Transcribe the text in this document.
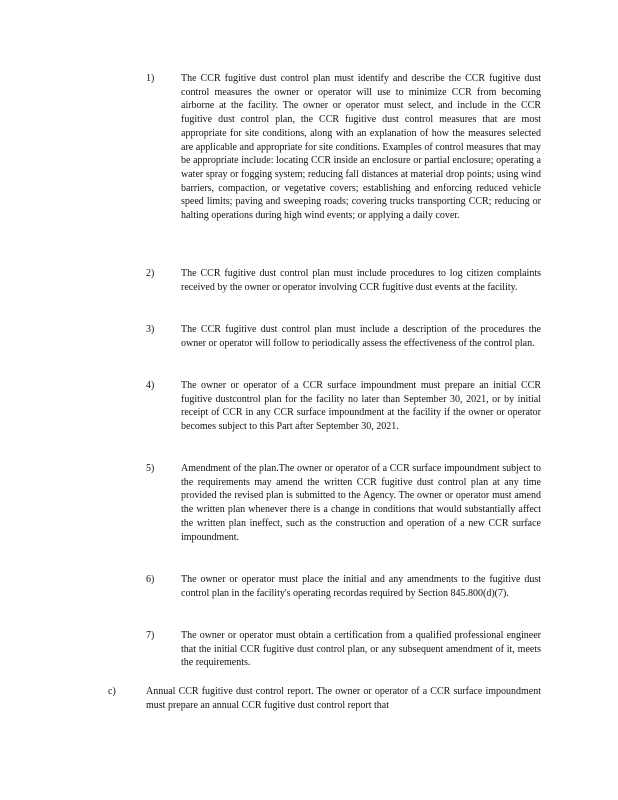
1)	The CCR fugitive dust control plan must identify and describe the CCR fugitive dust control measures the owner or operator will use to minimize CCR from becoming airborne at the facility. The owner or operator must select, and include in the CCR fugitive dust control plan, the CCR fugitive dust control measures that are most appropriate for site conditions, along with an explanation of how the measures selected are applicable and appropriate for site conditions. Examples of control measures that may be appropriate include: locating CCR inside an enclosure or partial enclosure; operating a water spray or fogging system; reducing fall distances at material drop points; using wind barriers, compaction, or vegetative covers; establishing and enforcing reduced vehicle speed limits; paving and sweeping roads; covering trucks transporting CCR; reducing or halting operations during high wind events; or applying a daily cover.
2)	The CCR fugitive dust control plan must include procedures to log citizen complaints received by the owner or operator involving CCR fugitive dust events at the facility.
3)	The CCR fugitive dust control plan must include a description of the procedures the owner or operator will follow to periodically assess the effectiveness of the control plan.
4)	The owner or operator of a CCR surface impoundment must prepare an initial CCR fugitive dustcontrol plan for the facility no later than September 30, 2021, or by initial receipt of CCR in any CCR surface impoundment at the facility if the owner or operator becomes subject to this Part after September 30, 2021.
5)	Amendment of the plan.The owner or operator of a CCR surface impoundment subject to the requirements may amend the written CCR fugitive dust control plan at any time provided the revised plan is submitted to the Agency. The owner or operator must amend the written plan whenever there is a change in conditions that would substantially affect the written plan ineffect, such as the construction and operation of a new CCR surface impoundment.
6)	The owner or operator must place the initial and any amendments to the fugitive dust control plan in the facility's operating recordas required by Section 845.800(d)(7).
7)	The owner or operator must obtain a certification from a qualified professional engineer that the initial CCR fugitive dust control plan, or any subsequent amendment of it, meets the requirements.
c)	Annual CCR fugitive dust control report. The owner or operator of a CCR surface impoundment must prepare an annual CCR fugitive dust control report that
